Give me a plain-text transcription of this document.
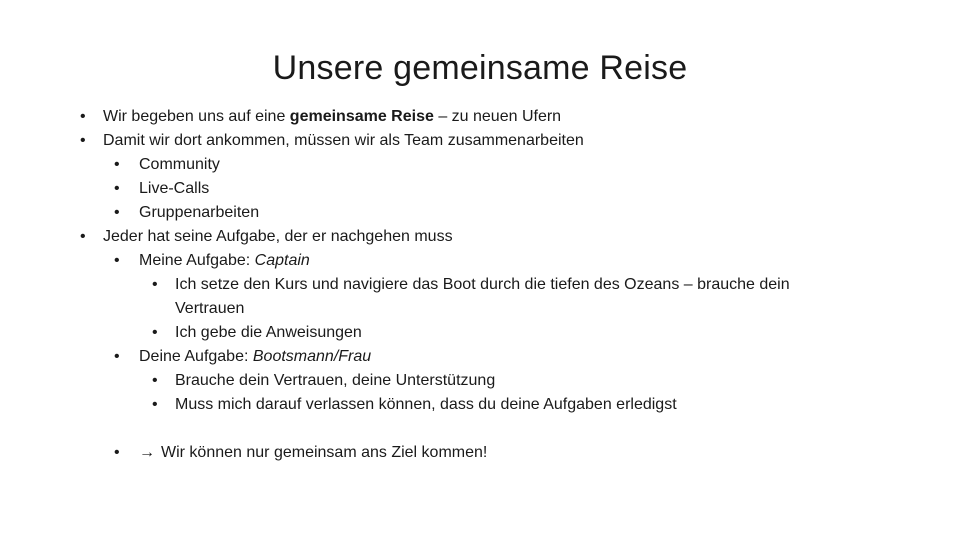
Unsere gemeinsame Reise
•	Wir begeben uns auf eine gemeinsame Reise – zu neuen Ufern
•	Damit wir dort ankommen, müssen wir als Team zusammenarbeiten
•	Community
•	Live-Calls
•	Gruppenarbeiten
•	Jeder hat seine Aufgabe, der er nachgehen muss
•	Meine Aufgabe: Captain
•	Ich setze den Kurs und navigiere das Boot durch die tiefen des Ozeans – brauche dein
Vertrauen
•	Ich gebe die Anweisungen
•	Deine Aufgabe: Bootsmann/Frau
•	Brauche dein Vertrauen, deine Unterstützung
•	Muss mich darauf verlassen können, dass du deine Aufgaben erledigst
•	→ Wir können nur gemeinsam ans Ziel kommen!
